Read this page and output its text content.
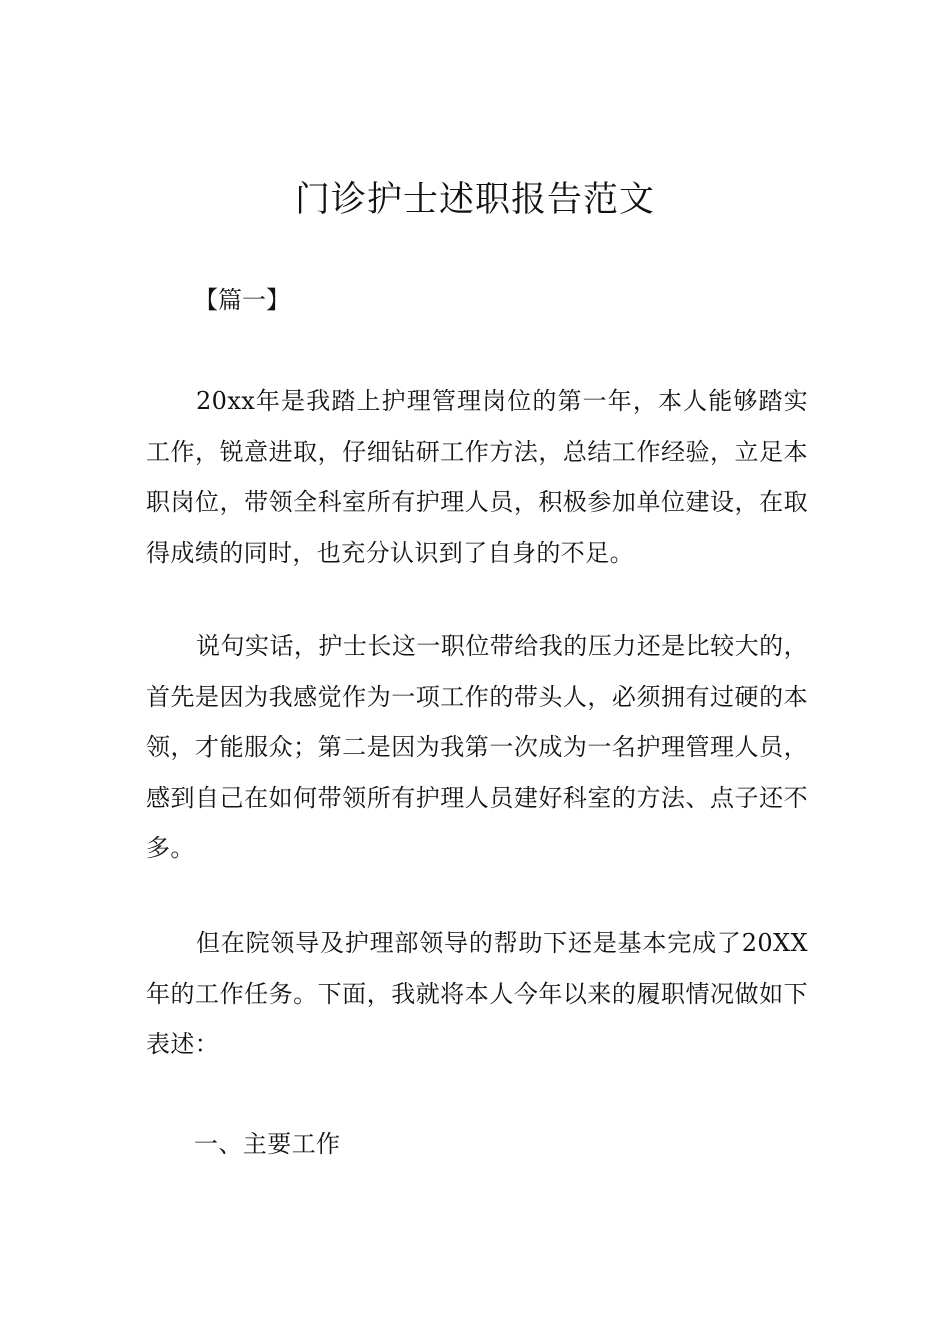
门诊护士述职报告范文

【篇一】

20xx年是我踏上护理管理岗位的第一年，本人能够踏实工作，锐意进取，仔细钻研工作方法，总结工作经验，立足本职岗位，带领全科室所有护理人员，积极参加单位建设，在取得成绩的同时，也充分认识到了自身的不足。

说句实话，护士长这一职位带给我的压力还是比较大的，首先是因为我感觉作为一项工作的带头人，必须拥有过硬的本领，才能服众；第二是因为我第一次成为一名护理管理人员，感到自己在如何带领所有护理人员建好科室的方法、点子还不多。

但在院领导及护理部领导的帮助下还是基本完成了20XX年的工作任务。下面，我就将本人今年以来的履职情况做如下表述：

一、主要工作
